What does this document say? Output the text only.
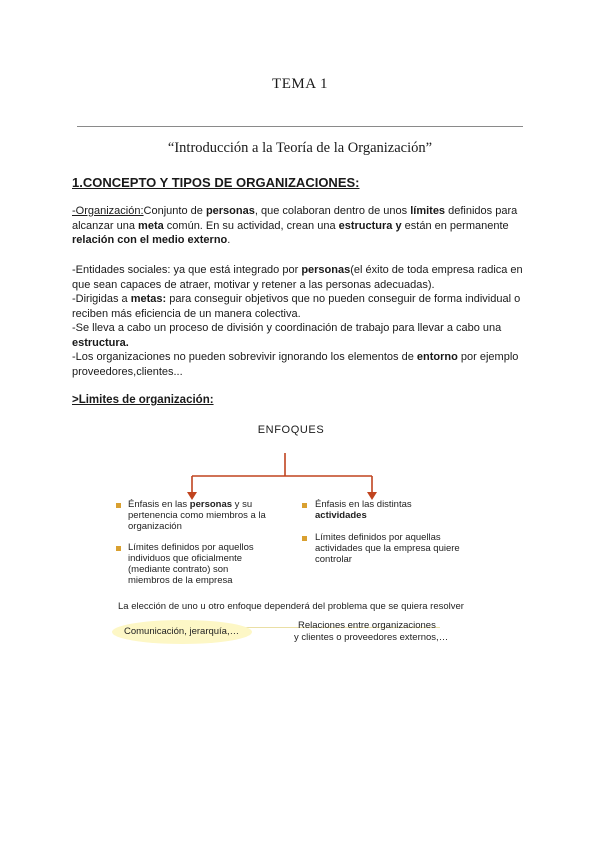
TEMA 1
“Introducción a la Teoría de la Organización”
1.CONCEPTO Y TIPOS DE ORGANIZACIONES:
-Organización:Conjunto de personas, que colaboran dentro de unos límites definidos para alcanzar una meta común. En su actividad, crean una estructura y están en permanente relación con el medio externo.
-Entidades sociales: ya que está integrado por personas(el éxito de toda empresa radica en que sean capaces de atraer, motivar y retener a las personas adecuadas).
-Dirigidas a metas: para conseguir objetivos que no pueden conseguir de forma individual o reciben más eficiencia de un manera colectiva.
-Se lleva a cabo un proceso de división y coordinación de trabajo para llevar a cabo una estructura.
-Los organizaciones no pueden sobrevivir ignorando los elementos de entorno por ejemplo proveedores,clientes...
>Limites de organización:
ENFOQUES
Énfasis en las personas y su pertenencia como miembros a la organización
Límites definidos por aquellos individuos que oficialmente (mediante contrato) son miembros de la empresa
Énfasis en las distintas actividades
Límites definidos por aquellas actividades que la empresa quiere controlar
La elección de uno u otro enfoque dependerá del problema que se quiera resolver
Comunicación, jerarquía,…
Relaciones entre organizaciones
y clientes o proveedores externos,…
